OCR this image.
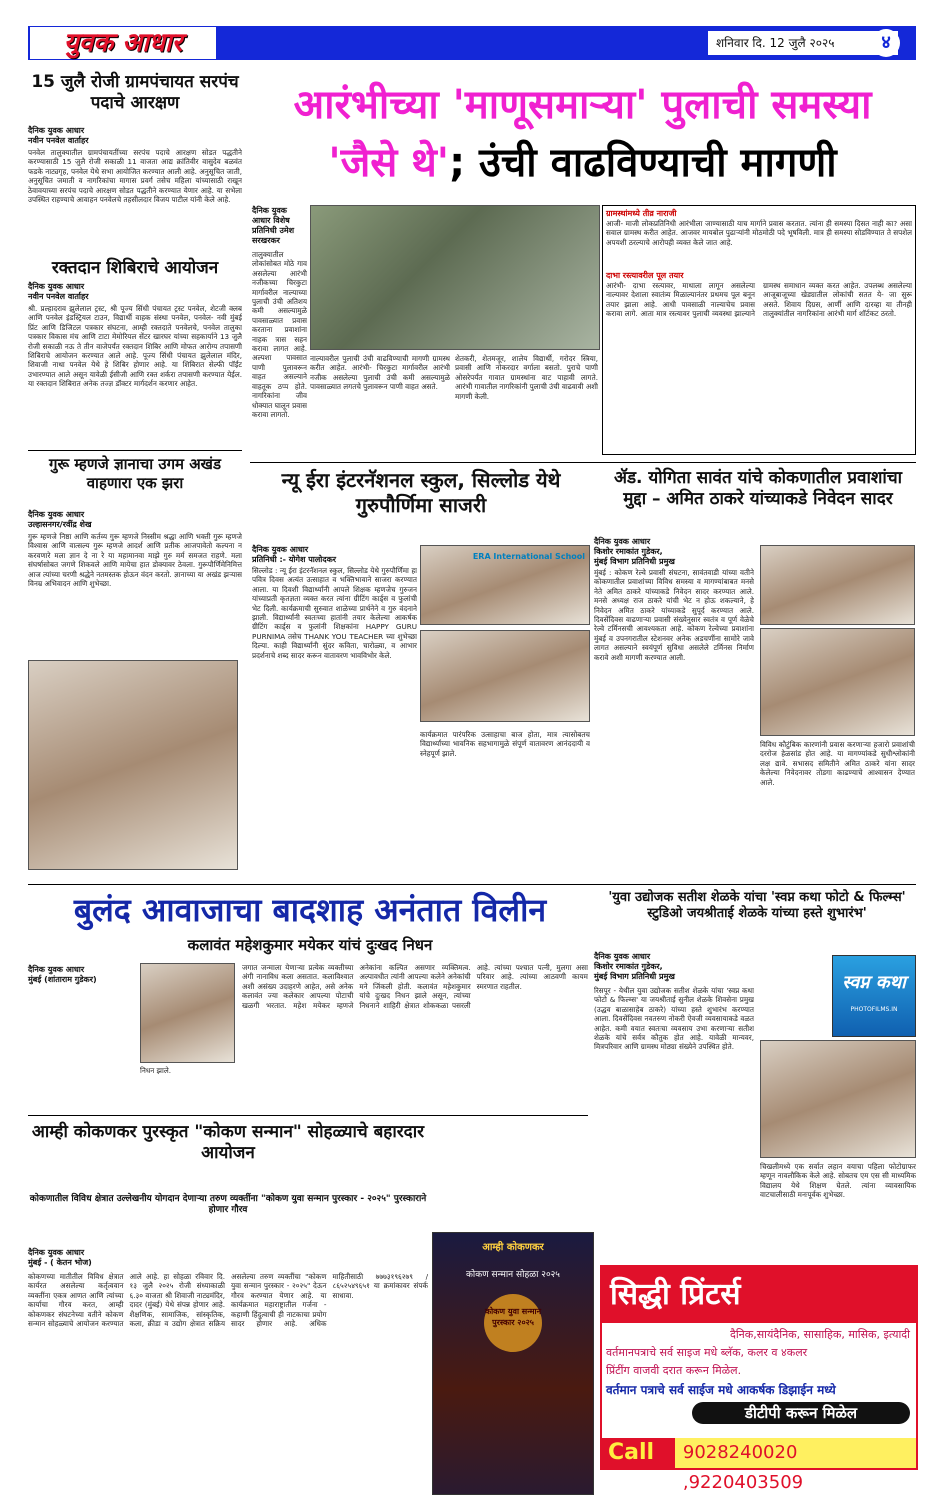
युवक आधार	शनिवार दि. 12 जुलै २०२५	४
15 जुलै रोजी ग्रामपंचायत सरपंच पदाचे आरक्षण
दैनिक युवक आधार
नवीन पनवेल वार्ताहर
पनवेल तालुक्यातील ग्रामपंचायतींच्या सरपंच पदाचे आरक्षण सोडत पद्धतीने करण्यासाठी 15 जुलै रोजी सकाळी 11 वाजता आद्य क्रांतिवीर वासुदेव बळवंत फडके नाट्यगृह, पनवेल येथे सभा आयोजित करण्यात आली आहे. अनुसूचित जाती, अनुसूचित जमाती व नागरिकांचा मागास प्रवर्ग तसेच महिला यांच्यासाठी राखून ठेवावयाच्या सरपंच पदाचे आरक्षण सोडत पद्धतीने करण्यात येणार आहे. या सभेला उपस्थित राहण्याचे आवाहन पनवेलचे तहसीलदार विजय पाटील यांनी केले आहे.
रक्तदान शिबिराचे आयोजन
दैनिक युवक आधार
नवीन पनवेल वार्ताहर
श्री. प्रल्हादराव झुलेलाल ट्रस्ट, श्री पूज्य सिंधी पंचायत ट्रस्ट पनवेल, शेटजी क्लब आणि पनवेल इंडस्ट्रियल टाउन, विद्यार्थी वाहक संस्था पनवेल, पनवेल- नवी मुंबई प्रिंट आणि डिजिटल पत्रकार संघटना, आम्ही रक्तदाते पनवेलचे, पनवेल तालुका पत्रकार विकास मंच आणि टाटा मेमोरियल सेंटर खारघर यांच्या सहकार्याने 13 जुलै रोजी सकाळी नऊ ते तीन वाजेपर्यंत रक्तदान शिबिर आणि मोफत आरोग्य तपासणी शिबिराचे आयोजन करण्यात आले आहे. पूज्य सिंधी पंचायत झुलेलाल मंदिर, शिवाजी नाथा पनवेल येथे हे शिबिर होणार आहे. या शिबिरात सेल्फी पॉईंट उभारण्यात आले असून यावेळी ईसीजी आणि रक्त शर्करा तपासणी करण्यात येईल. या रक्तदान शिबिरात अनेक तज्ज्ञ डॉक्टर मार्गदर्शन करणार आहेत.
गुरू म्हणजे ज्ञानाचा उगम अखंड वाहणारा एक झरा
दैनिक युवक आधार
उल्हासनगर/रवींद्र शेख
गुरू म्हणजे निष्ठा आणि कर्तव्य गुरू म्हणजे निस्सीम श्रद्धा आणि भक्ती गुरू म्हणजे विश्वास आणि वात्सल्य गुरू म्हणजे आदर्श आणि प्रतीक आजपावेतो कल्पना न करवणारे मला ज्ञान दे ना रे या महामानवा माझे गुरु मर्म समजत राहणे. मला संघर्षासोबत जगणे शिकवले आणि मायेचा हात डोक्यावर ठेवला. गुरूपौर्णिमेनिमित्त आज त्यांच्या चरणी श्रद्धेने नतमस्तक होऊन वंदन करतो. ज्ञानाच्या या अखंड झऱ्यास विनम्र अभिवादन आणि शुभेच्छा.
आरंभीच्या 'माणूसमाऱ्या' पुलाची समस्या
'जैसे थे'; उंची वाढविण्याची मागणी
दैनिक युवक आधार विशेष प्रतिनिधी उमेश सरखरकर
तालुक्यातील लोकांसोबत मोठे गाव असलेल्या आरंभी नजीकच्या चिरकुटा मार्गावरील नाल्याच्या पुलाची उंची अतिशय कमी असल्यामुळे पावसाळ्यात प्रवास करताना प्रवाशांना नाहक त्रास सहन करावा लागत आहे. अल्पशा पावसात पाणी पुलावरून वाहत असल्याने वाहतूक ठप्प होते. नागरिकांना जीव धोक्यात घालून प्रवास करावा लागतो.
नाल्यावरील पुलाची उंची वाढविण्याची मागणी ग्रामस्थ करीत आहेत. आरंभी- चिरकुटा मार्गावरील आरंभी नजीक असलेल्या पुलाची उंची कमी असल्यामुळे पावसाळ्यात लगतचे पुलावरून पाणी वाहत असते.
शेतकरी, शेतमजूर, शालेय विद्यार्थी, गरोदर स्त्रिया, प्रवासी आणि नोकरदार वर्गाला बसतो. पुराचे पाणी ओसरेपर्यंत गावात ग्रामस्थांना वाट पाहावी लागते. आरंभी गावातील नागरिकांनी पुलाची उंची वाढवावी अशी मागणी केली.
ग्रामस्थांमध्ये तीव्र नाराजी
आजी- माजी लोकप्रतिनिधी आरंभीला जाण्यासाठी याच मार्गाने प्रवास करतात. त्यांना ही समस्या दिसत नाही का? असा सवाल ग्रामस्थ करीत आहेत. आजवर मायबोल पुढाऱ्यांनी मोठमोठी पदे भूषविली. मात्र ही समस्या सोडविण्यात ते सपशेल अपयशी ठरल्याचे आरोपही व्यक्त केले जात आहे.
दाभा रस्त्यावरील पूल तयार
आरंभी- दाभा रस्त्यावर, माथाला लागून असलेल्या नाल्यावर देशाला स्वातंत्र्य मिळाल्यानंतर प्रथमच पूल बनून तयार झाला आहे. आधी पावसाळी नाल्याचेच प्रवास करावा लागे. आता मात्र रस्त्यावर पुलाची व्यवस्था झाल्याने ग्रामस्थ समाधान व्यक्त करत आहेत. उपलब्ध असलेल्या आजूबाजूच्या खेड्यातील लोकांची सतत ये- जा सुरू असते. शिवाय दिग्रस, आर्णी आणि दारव्हा या तीनही तालुक्यांतील नागरिकांना आरंभी मार्ग शॉर्टकट ठरतो.
न्यू ईरा इंटरनॅशनल स्कुल, सिल्लोड येथे गुरुपौर्णिमा साजरी
दैनिक युवक आधार
प्रतिनिधी :- योगेश पालोदकर
सिल्लोड : न्यू ईरा इंटरनॅशनल स्कुल, सिल्लोड येथे गुरुपौर्णिमा हा पवित्र दिवस अत्यंत उत्साहात व भक्तिभावाने साजरा करण्यात आला. या दिवशी विद्यार्थ्यांनी आपले शिक्षक म्हणजेच गुरुजन यांच्याप्रती कृतज्ञता व्यक्त करत त्यांना ग्रीटिंग कार्ड्स व फुलांची भेट दिली. कार्यक्रमाची सुरुवात शाळेच्या प्रार्थनेने व गुरु वंदनाने झाली. विद्यार्थ्यांनी स्वतःच्या हातांनी तयार केलेल्या आकर्षक ग्रीटिंग कार्ड्स व फुलांनी शिक्षकांना HAPPY GURU PURNIMA तसेच THANK YOU TEACHER च्या शुभेच्छा दिल्या. काही विद्यार्थ्यांनी सुंदर कविता, चारोळ्या, व आभार प्रदर्शनाचे शब्द सादर करून वातावरण भावविभोर केले.
ERA International School
कार्यक्रमात पारंपरिक उत्साहाचा बाज होता, मात्र त्यासोबतच विद्यार्थ्यांच्या भावनिक सहभागामुळे संपूर्ण वातावरण आनंददायी व स्नेहपूर्ण झाले.
ॲड. योगिता सावंत यांचे कोकणातील प्रवाशांचा मुद्दा – अमित ठाकरे यांच्याकडे निवेदन सादर
दैनिक युवक आधार
किशोर रमाकांत गुडेकर,
मुंबई विभाग प्रतिनिधी प्रमुख
मुंबई : कोकण रेल्वे प्रवासी संघटना, सावंतवाडी यांच्या वतीने कोकणातील प्रवाशांच्या विविध समस्या व मागण्यांबाबत मनसे नेते अमित ठाकरे यांच्याकडे निवेदन सादर करण्यात आले. मनसे अध्यक्ष राज ठाकरे यांची भेट न होऊ शकल्याने, हे निवेदन अमित ठाकरे यांच्याकडे सुपूर्द करण्यात आले. दिवसेंदिवस वाढणाऱ्या प्रवासी संख्येनुसार स्वतंत्र व पूर्ण वेळेचे रेल्वे टर्मिनसची आवश्यकता आहे. कोकण रेल्वेच्या प्रवाशांना मुंबई व उपनगरातील स्टेशनवर अनेक अडचणींना सामोरे जावे लागत असल्याने स्वयंपूर्ण सुविधा असलेले टर्मिनस निर्माण करावे अशी मागणी करण्यात आली.
विविध कौटुंबिक कारणांनी प्रवास करणाऱ्या हजारो प्रवाशांची दररोज हेळसांड होत आहे. या मागण्यांकडे सुधीश्लोकांनी लक्ष द्यावे. सभासद समितीने अमित ठाकरे यांना सादर केलेल्या निवेदनावर तोडगा काढण्याचे आश्वासन देण्यात आले.
बुलंद आवाजाचा बादशाह अनंतात विलीन
कलावंत महेशकुमार मयेकर यांचं दुःखद निधन
दैनिक युवक आधार
मुंबई (शांताराम गुडेकर)
निधन झाले.
जगात जन्माला येणाऱ्या प्रत्येक व्यक्तीच्या अंगी नानाविध कला असतात. कलाविश्वात अशी असंख्य उदाहरणे आहेत, असे अनेक कलावंत ज्या कलेकार आपल्या पोटाची खळगी भरतात. महेश मयेकर म्हणजे अनेकांना कल्पित असणार व्यक्तिमत्व. अल्पावधीत त्यांनी आपल्या कलेने अनेकांची मने जिंकली होती. कलावंत महेशकुमार यांचे दुःखद निधन झाले असून, त्यांच्या निधनाने शाहिरी क्षेत्रात शोककळा पसरली आहे. त्यांच्या पश्चात पत्नी, मुलगा असा परिवार आहे. त्यांच्या आठवणी कायम स्मरणात राहतील.
'युवा उद्योजक सतीश शेळके यांचा 'स्वप्न कथा फोटो & फिल्म्स' स्टुडिओ जयश्रीताई शेळके यांच्या हस्ते शुभारंभ'
दैनिक युवक आधार
किशोर रमाकांत गुडेकर,
मुंबई विभाग प्रतिनिधी प्रमुख	स्वप्न कथा
PHOTOFILMS.IN
रिसपूर - येथील युवा उद्योजक सतीश शेळके यांचा 'स्वप्न कथा फोटो & फिल्म्स' या जयश्रीताई सुनील शेळके शिवसेना प्रमुख (उद्धव बाळासाहेब ठाकरे) यांच्या हस्ते शुभारंभ करण्यात आला. दिवसेंदिवस नवतरुण नोकरी ऐवजी व्यवसायाकडे वळत आहेत. कमी वयात स्वतःचा व्यवसाय उभा करणाऱ्या सतीश शेळके यांचे सर्वत्र कौतुक होत आहे. यावेळी मान्यवर, मित्रपरिवार आणि ग्रामस्थ मोठ्या संख्येने उपस्थित होते.
चिखलीमध्ये एक सर्वात लहान वयाचा पहिला फोटोग्राफर म्हणून नावलौकिक केले आहे. सोबतच एम एस सी माध्यमिक विद्यालय येथे शिक्षण घेतले. त्यांना व्यावसायिक वाटचालीसाठी मनःपूर्वक शुभेच्छा.
आम्ही कोकणकर पुरस्कृत "कोकण सन्मान" सोहळ्याचे बहारदार आयोजन
कोकणातील विविध क्षेत्रात उल्लेखनीय योगदान देणाऱ्या तरुण व्यक्तींना "कोकण युवा सन्मान पुरस्कार - २०२५" पुरस्काराने होणार गौरव
दैनिक युवक आधार
मुंबई - ( केतन भोज)
कोकणच्या मातीतील विविध क्षेत्रात कार्यरत असलेल्या कर्तृत्ववान व्यक्तींना एकत्र आणत आणि त्यांच्या कार्याचा गौरव करत, आम्ही कोकणकर संघटनेच्या वतीने कोकण सन्मान सोहळ्याचे आयोजन करण्यात आले आहे. हा सोहळा रविवार दि. १३ जुलै २०२५ रोजी संध्याकाळी ६.३० वाजता श्री शिवाजी नाट्यमंदिर, दादर (मुंबई) येथे संपन्न होणार आहे. शैक्षणिक, सामाजिक, सांस्कृतिक, कला, क्रीडा व उद्योग क्षेत्रात सक्रिय असलेल्या तरुण व्यक्तींचा "कोकण युवा सन्मान पुरस्कार - २०२५" देऊन गौरव करण्यात येणार आहे. या कार्यक्रमात महाराष्ट्रातील गर्जना - कहाणी हिंदुत्वाची ही नाटकाचा प्रयोग सादर होणार आहे. अधिक माहितीसाठी ७७७३१९६२७९ / ८६५२५४९६५१ या क्रमांकावर संपर्क साधावा.
आम्ही कोकणकर
कोकण सन्मान सोहळा २०२५
कोकण युवा सन्मान पुरस्कार २०२५
सिद्धी प्रिंटर्स
दैनिक,सायंदैनिक, सासाहिक, मासिक, इत्यादी
वर्तमानपत्राचे सर्व साइज मधे ब्लॅक, कलर व ४कलर
प्रिंटींग वाजवी दरात करून मिळेल.
वर्तमान पत्राचे सर्व साईज मधे आकर्षक डिझाईन मध्ये
डीटीपी करून मिळेल
Call	9028240020 ,9220403509
